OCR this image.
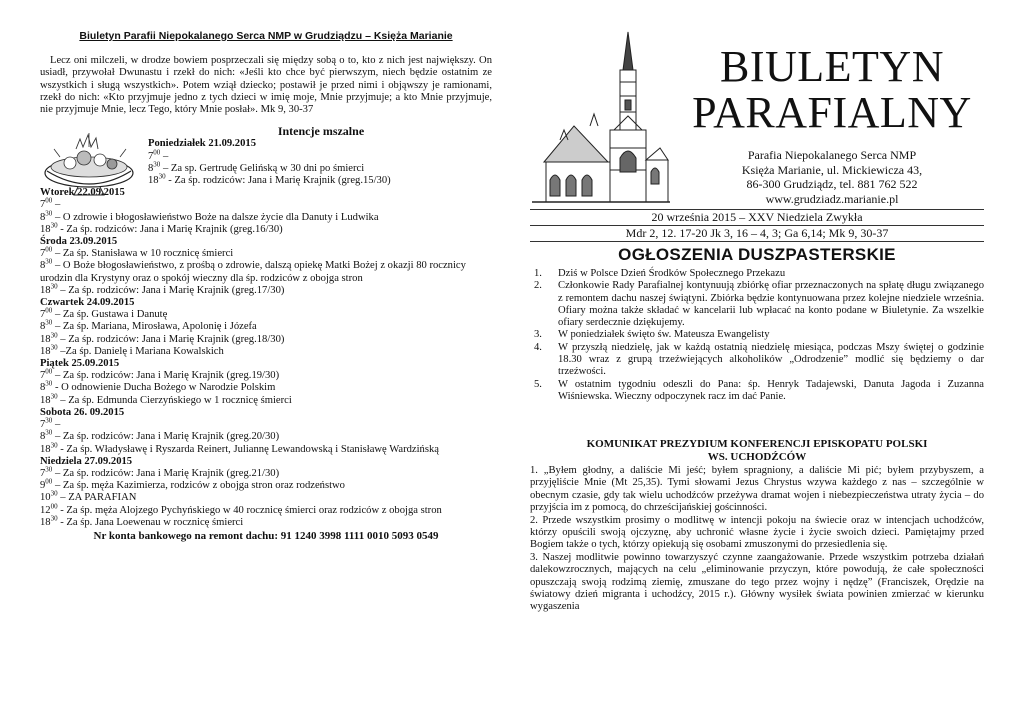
Biuletyn Parafii Niepokalanego Serca NMP w Grudziądzu – Księża Marianie

Lecz oni milczeli, w drodze bowiem posprzeczali się między sobą o to, kto z nich jest największy. On usiadł, przywołał Dwunastu i rzekł do nich: «Jeśli kto chce być pierwszym, niech będzie ostatnim ze wszystkich i sługą wszystkich». Potem wziął dziecko; postawił je przed nimi i objąwszy je ramionami, rzekł do nich: «Kto przyjmuje jedno z tych dzieci w imię moje, Mnie przyjmuje; a kto Mnie przyjmuje, nie przyjmuje Mnie, lecz Tego, który Mnie posłał». Mk 9, 30-37

Intencje mszalne

Poniedziałek 21.09.2015

$7^{00}$ –

$8^{30}$ – Za sp. Gertrudę Gelińską w 30 dni po śmierci

$18^{30}$ - Za śp. rodziców: Jana i Marię Krajnik (greg.15/30)

Wtorek 22.09.2015

$7^{00}$ –

$8^{30}$ – O zdrowie i błogosławieństwo Boże na dalsze życie dla Danuty i Ludwika

$18^{30}$ - Za śp. rodziców: Jana i Marię Krajnik (greg.16/30)

Środa 23.09.2015

$7^{00}$ – Za śp. Stanisława w 10 rocznicę śmierci

$8^{30}$ – O Boże błogosławieństwo, z prośbą o zdrowie, dalszą opiekę Matki Bożej z okazji 80 rocznicy urodzin dla Krystyny oraz o spokój wieczny dla śp. rodziców z obojga stron

$18^{30}$ – Za śp. rodziców: Jana i Marię Krajnik (greg.17/30)

Czwartek 24.09.2015

$7^{00}$ – Za śp. Gustawa i Danutę

$8^{30}$ – Za śp. Mariana, Mirosława, Apolonię i Józefa

$18^{30}$ – Za śp. rodziców: Jana i Marię Krajnik (greg.18/30)

$18^{30}$ –Za śp. Danielę i Mariana Kowalskich

Piątek 25.09.2015

$7^{00}$ – Za śp. rodziców: Jana i Marię Krajnik (greg.19/30)

$8^{30}$ - O odnowienie Ducha Bożego w Narodzie Polskim

$18^{30}$ – Za śp. Edmunda Cierzyńskiego w 1 rocznicę śmierci

Sobota 26. 09.2015

$7^{30}$ –

$8^{30}$ – Za śp. rodziców: Jana i Marię Krajnik (greg.20/30)

$18^{30}$ - Za śp. Władysławę i Ryszarda Reinert, Juliannę Lewandowską i Stanisławę Wardzińską

Niedziela 27.09.2015

$7^{30}$ – Za śp. rodziców: Jana i Marię Krajnik (greg.21/30)

$9^{00}$ – Za śp. męża Kazimierza, rodziców z obojga stron oraz rodzeństwo

$10^{30}$ – ZA PARAFIAN

$12^{00}$ - Za śp. męża Alojzego Pychyńskiego w 40 rocznicę śmierci oraz rodziców z obojga stron

$18^{30}$ - Za śp. Jana Loewenau w rocznicę śmierci

Nr konta bankowego na remont dachu: 91 1240 3998 1111 0010 5093 0549
BIULETYN
PARAFIALNY
Parafia Niepokalanego Serca NMP
Księża Marianie, ul. Mickiewicza 43,
86-300 Grudziądz, tel. 881 762 522
www.grudziadz.marianie.pl
20 września 2015 – XXV Niedziela Zwykła
Mdr 2, 12. 17-20 Jk 3, 16 – 4, 3; Ga 6,14; Mk 9, 30-37
OGŁOSZENIA DUSZPASTERSKIE
1. Dziś w Polsce Dzień Środków Społecznego Przekazu
2. Członkowie Rady Parafialnej kontynuują zbiórkę ofiar przeznaczonych na spłatę długu związanego z remontem dachu naszej świątyni. Zbiórka będzie kontynuowana przez kolejne niedziele września. Ofiary można także składać w kancelarii lub wpłacać na konto podane w Biuletynie. Za wszelkie ofiary serdecznie dziękujemy.
3. W poniedziałek święto św. Mateusza Ewangelisty
4. W przyszłą niedzielę, jak w każdą ostatnią niedzielę miesiąca, podczas Mszy świętej o godzinie 18.30 wraz z grupą trzeźwiejących alkoholików „Odrodzenie” modlić się będziemy o dar trzeźwości.
5. W ostatnim tygodniu odeszli do Pana: śp. Henryk Tadajewski, Danuta Jagoda i Zuzanna Wiśniewska. Wieczny odpoczynek racz im dać Panie.
KOMUNIKAT PREZYDIUM KONFERENCJI EPISKOPATU POLSKI
WS. UCHODŹCÓW

1. „Byłem głodny, a daliście Mi jeść; byłem spragniony, a daliście Mi pić; byłem przybyszem, a przyjęliście Mnie (Mt 25,35). Tymi słowami Jezus Chrystus wzywa każdego z nas – szczególnie w obecnym czasie, gdy tak wielu uchodźców przeżywa dramat wojen i niebezpieczeństwa utraty życia – do przyjścia im z pomocą, do chrześcijańskiej gościnności.

2. Przede wszystkim prosimy o modlitwę w intencji pokoju na świecie oraz w intencjach uchodźców, którzy opuścili swoją ojczyznę, aby uchronić własne życie i życie swoich dzieci. Pamiętajmy przed Bogiem także o tych, którzy opiekują się osobami zmuszonymi do przesiedlenia się.

3. Naszej modlitwie powinno towarzyszyć czynne zaangażowanie. Przede wszystkim potrzeba działań dalekowzrocznych, mających na celu „eliminowanie przyczyn, które powodują, że całe społeczności opuszczają swoją rodzimą ziemię, zmuszane do tego przez wojny i nędzę” (Franciszek, Orędzie na światowy dzień migranta i uchodźcy, 2015 r.). Główny wysiłek świata powinien zmierzać w kierunku wygaszenia
